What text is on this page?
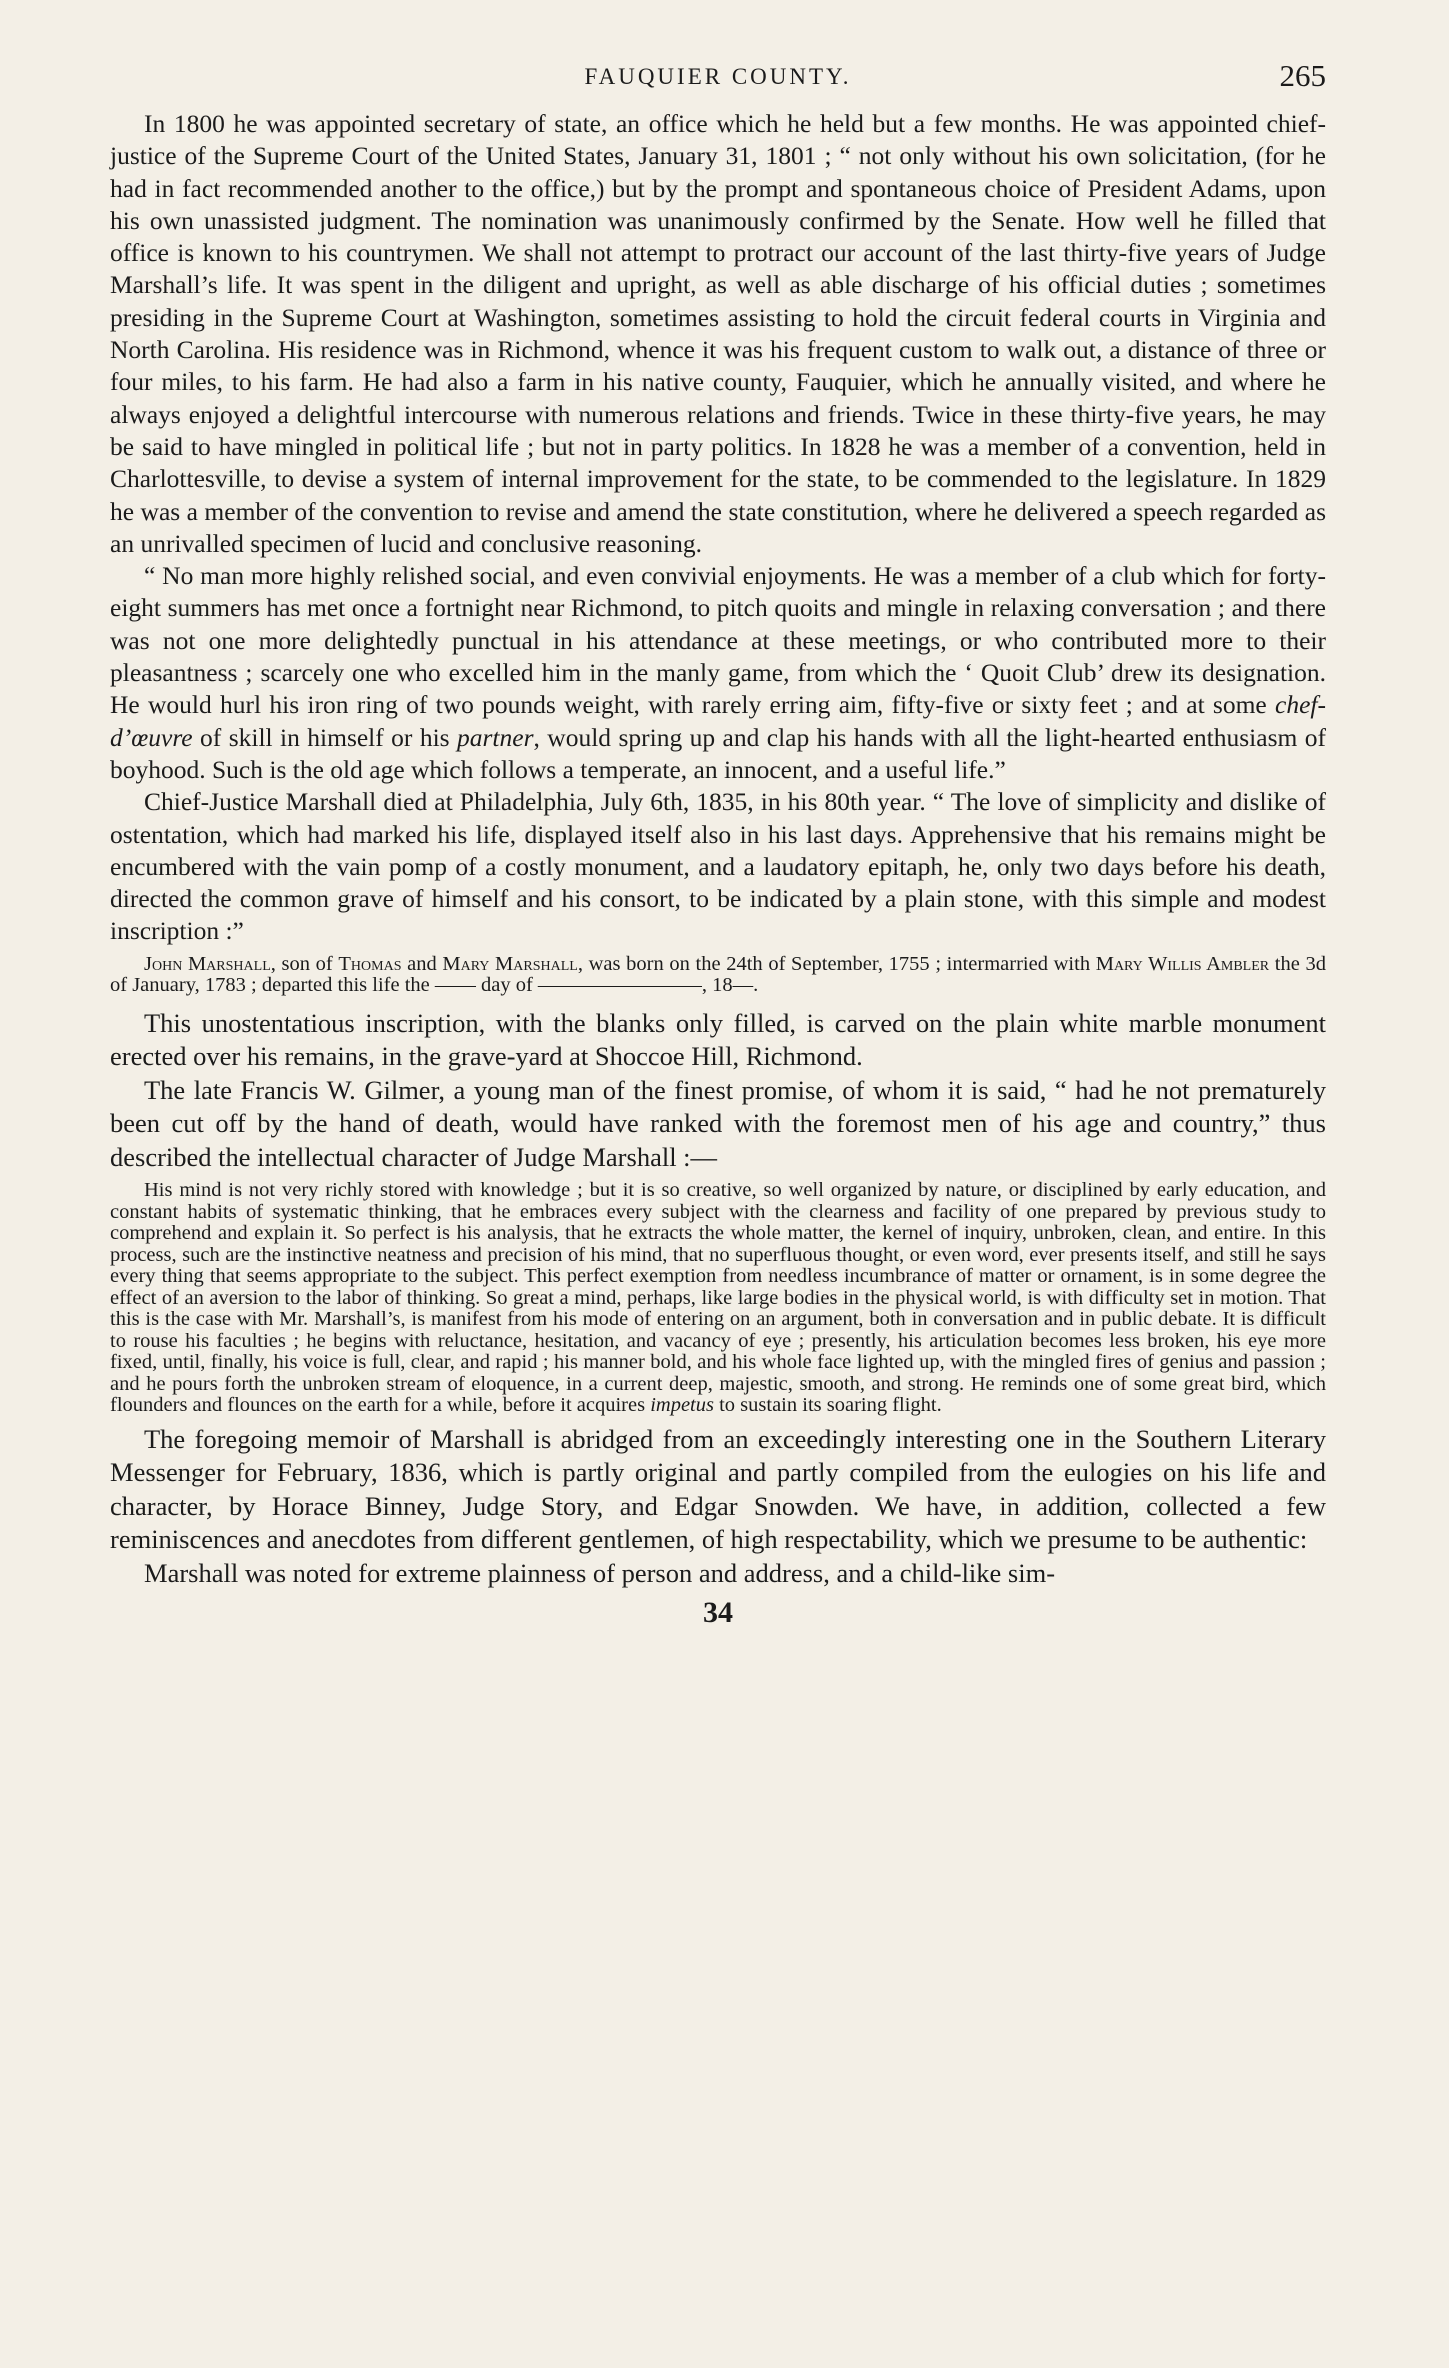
FAUQUIER COUNTY.	265

In 1800 he was appointed secretary of state, an office which he held but a few months. He was appointed chief-justice of the Supreme Court of the United States, January 31, 1801 ; “ not only without his own solicitation, (for he had in fact recommended another to the office,) but by the prompt and spontaneous choice of President Adams, upon his own unassisted judgment. The nomination was unanimously confirmed by the Senate. How well he filled that office is known to his countrymen. We shall not attempt to protract our account of the last thirty-five years of Judge Marshall’s life. It was spent in the diligent and upright, as well as able discharge of his official duties ; sometimes presiding in the Supreme Court at Washington, sometimes assisting to hold the circuit federal courts in Virginia and North Carolina. His residence was in Richmond, whence it was his frequent custom to walk out, a distance of three or four miles, to his farm. He had also a farm in his native county, Fauquier, which he annually visited, and where he always enjoyed a delightful intercourse with numerous relations and friends. Twice in these thirty-five years, he may be said to have mingled in political life ; but not in party politics. In 1828 he was a member of a convention, held in Charlottesville, to devise a system of internal improvement for the state, to be commended to the legislature. In 1829 he was a member of the convention to revise and amend the state constitution, where he delivered a speech regarded as an unrivalled specimen of lucid and conclusive reasoning.

“ No man more highly relished social, and even convivial enjoyments. He was a member of a club which for forty-eight summers has met once a fortnight near Richmond, to pitch quoits and mingle in relaxing conversation ; and there was not one more delightedly punctual in his attendance at these meetings, or who contributed more to their pleasantness ; scarcely one who excelled him in the manly game, from which the ‘ Quoit Club’ drew its designation. He would hurl his iron ring of two pounds weight, with rarely erring aim, fifty-five or sixty feet ; and at some chef-d’œuvre of skill in himself or his partner, would spring up and clap his hands with all the light-hearted enthusiasm of boyhood. Such is the old age which follows a temperate, an innocent, and a useful life.”

Chief-Justice Marshall died at Philadelphia, July 6th, 1835, in his 80th year. “ The love of simplicity and dislike of ostentation, which had marked his life, displayed itself also in his last days. Apprehensive that his remains might be encumbered with the vain pomp of a costly monument, and a laudatory epitaph, he, only two days before his death, directed the common grave of himself and his consort, to be indicated by a plain stone, with this simple and modest inscription :”

John Marshall, son of Thomas and Mary Marshall, was born on the 24th of September, 1755 ; intermarried with Mary Willis Ambler the 3d of January, 1783 ; departed this life the —— day of ————————, 18—.

This unostentatious inscription, with the blanks only filled, is carved on the plain white marble monument erected over his remains, in the grave-yard at Shoccoe Hill, Richmond.

The late Francis W. Gilmer, a young man of the finest promise, of whom it is said, “ had he not prematurely been cut off by the hand of death, would have ranked with the foremost men of his age and country,” thus described the intellectual character of Judge Marshall :—

His mind is not very richly stored with knowledge ; but it is so creative, so well organized by nature, or disciplined by early education, and constant habits of systematic thinking, that he embraces every subject with the clearness and facility of one prepared by previous study to comprehend and explain it. So perfect is his analysis, that he extracts the whole matter, the kernel of inquiry, unbroken, clean, and entire. In this process, such are the instinctive neatness and precision of his mind, that no superfluous thought, or even word, ever presents itself, and still he says every thing that seems appropriate to the subject. This perfect exemption from needless incumbrance of matter or ornament, is in some degree the effect of an aversion to the labor of thinking. So great a mind, perhaps, like large bodies in the physical world, is with difficulty set in motion. That this is the case with Mr. Marshall’s, is manifest from his mode of entering on an argument, both in conversation and in public debate. It is difficult to rouse his faculties ; he begins with reluctance, hesitation, and vacancy of eye ; presently, his articulation becomes less broken, his eye more fixed, until, finally, his voice is full, clear, and rapid ; his manner bold, and his whole face lighted up, with the mingled fires of genius and passion ; and he pours forth the unbroken stream of eloquence, in a current deep, majestic, smooth, and strong. He reminds one of some great bird, which flounders and flounces on the earth for a while, before it acquires impetus to sustain its soaring flight.

The foregoing memoir of Marshall is abridged from an exceedingly interesting one in the Southern Literary Messenger for February, 1836, which is partly original and partly compiled from the eulogies on his life and character, by Horace Binney, Judge Story, and Edgar Snowden. We have, in addition, collected a few reminiscences and anecdotes from different gentlemen, of high respectability, which we presume to be authentic:

Marshall was noted for extreme plainness of person and address, and a child-like sim-

34
